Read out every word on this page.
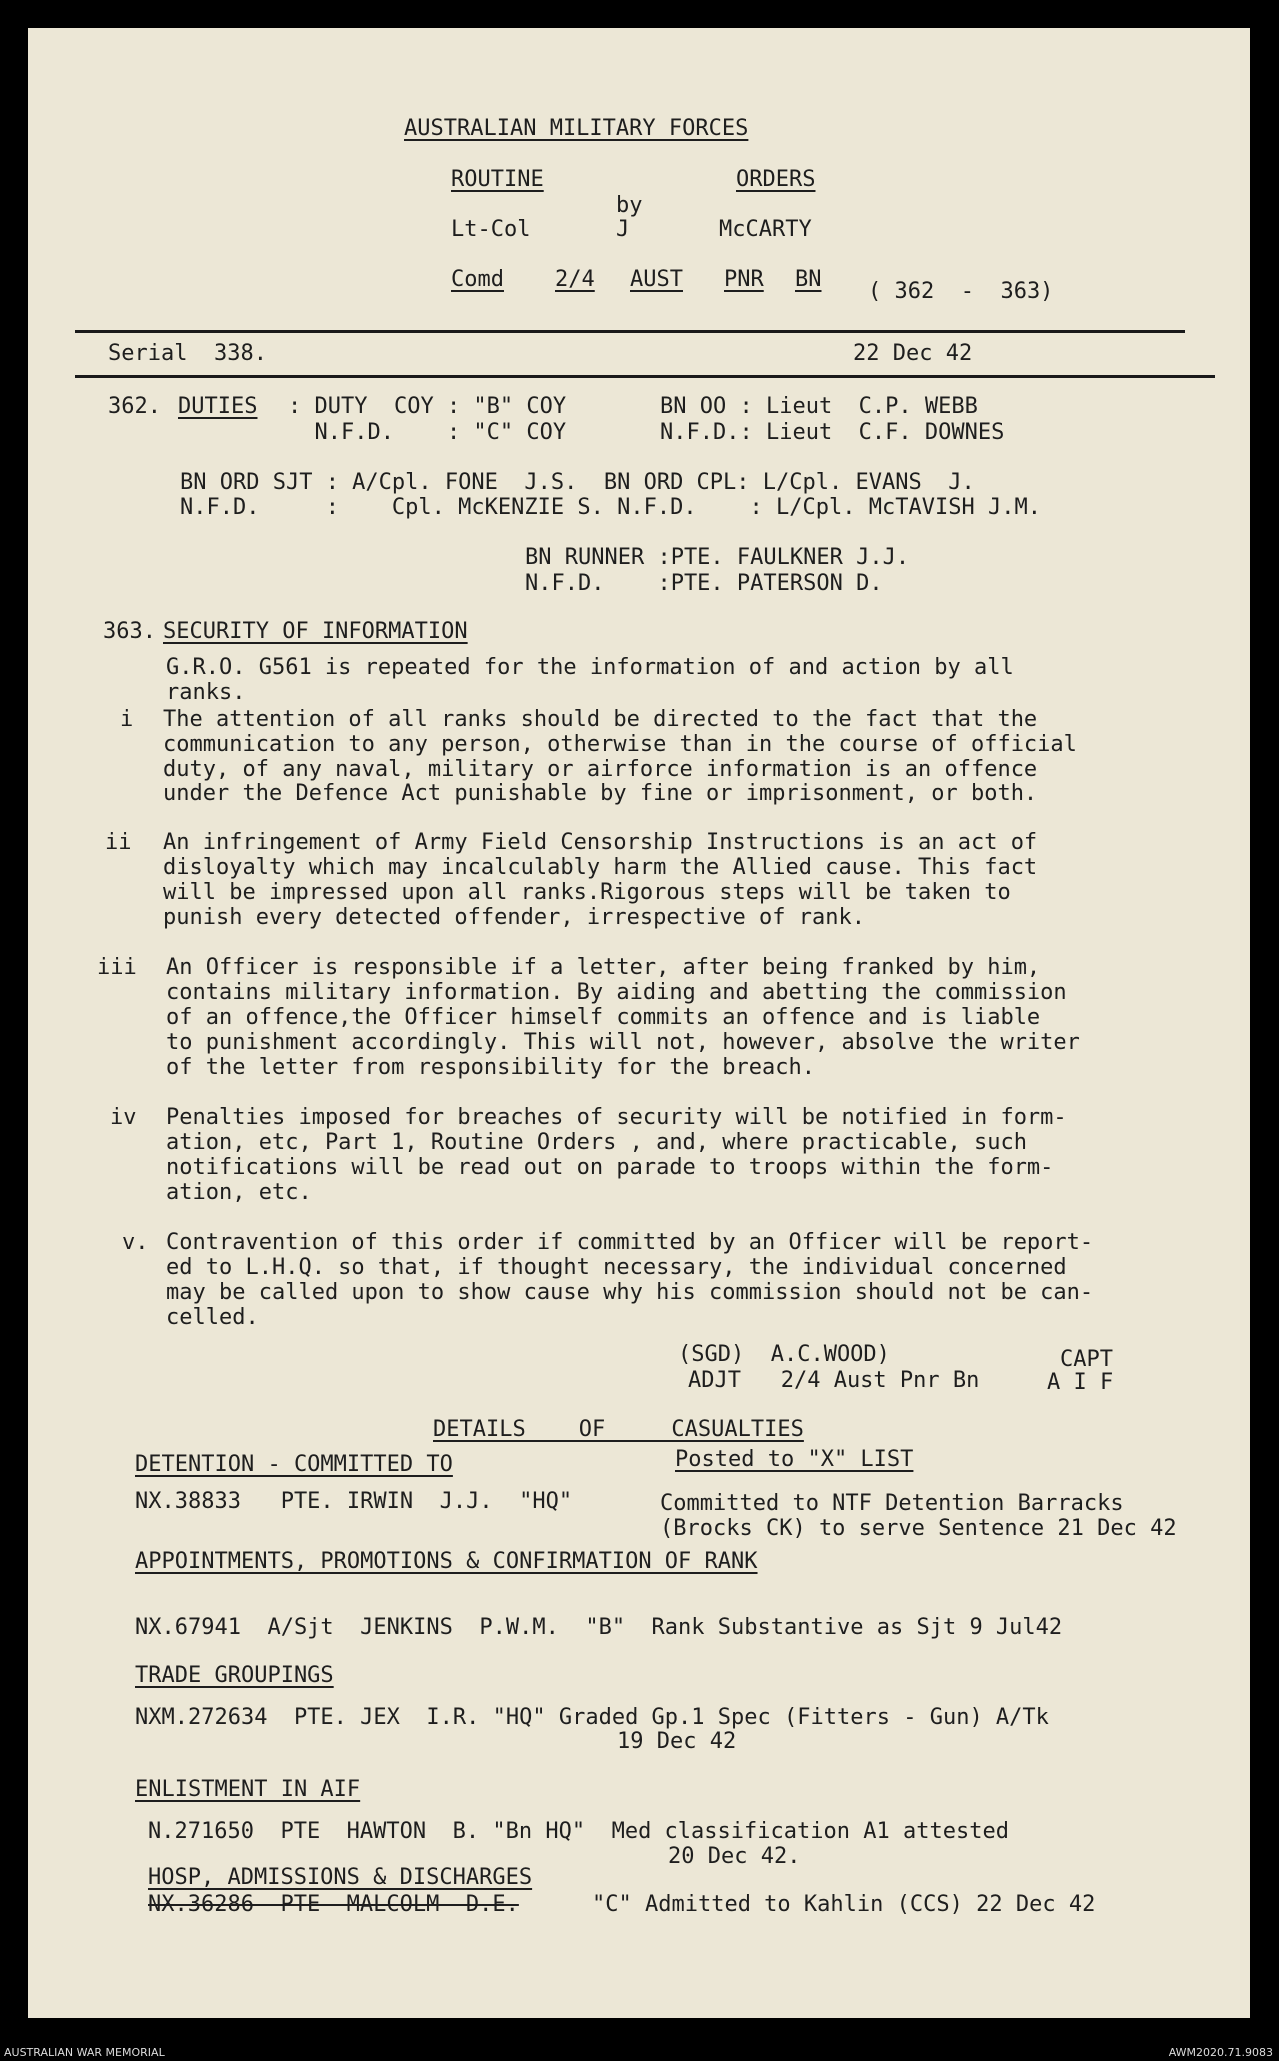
AUSTRALIAN MILITARY FORCES
ROUTINE	ORDERS
by
Lt-Col	J	McCARTY
Comd 2/4 AUST PNR BN ( 362  -  363)
Serial  338.	22 Dec 42
362. DUTIES : DUTY  COY : "B" COY	BN OO : Lieut  C.P. WEBB
N.F.D.    : "C" COY	N.F.D.: Lieut  C.F. DOWNES
BN ORD SJT : A/Cpl. FONE  J.S.  BN ORD CPL: L/Cpl. EVANS  J.
N.F.D.     :    Cpl. McKENZIE S. N.F.D.    : L/Cpl. McTAVISH J.M.
BN RUNNER :PTE. FAULKNER J.J.
N.F.D.    :PTE. PATERSON D.
363. SECURITY OF INFORMATION
G.R.O. G561 is repeated for the information of and action by all
ranks.
i The attention of all ranks should be directed to the fact that the
communication to any person, otherwise than in the course of official
duty, of any naval, military or airforce information is an offence
under the Defence Act punishable by fine or imprisonment, or both.
ii An infringement of Army Field Censorship Instructions is an act of
disloyalty which may incalculably harm the Allied cause. This fact
will be impressed upon all ranks.Rigorous steps will be taken to
punish every detected offender, irrespective of rank.
iii An Officer is responsible if a letter, after being franked by him,
contains military information. By aiding and abetting the commission
of an offence,the Officer himself commits an offence and is liable
to punishment accordingly. This will not, however, absolve the writer
of the letter from responsibility for the breach.
iv Penalties imposed for breaches of security will be notified in form-
ation, etc, Part 1, Routine Orders , and, where practicable, such
notifications will be read out on parade to troops within the form-
ation, etc.
v. Contravention of this order if committed by an Officer will be report-
ed to L.H.Q. so that, if thought necessary, the individual concerned
may be called upon to show cause why his commission should not be can-
celled.
(SGD)  A.C.WOOD)	CAPT
ADJT   2/4 Aust Pnr Bn	A I F
DETAILS    OF     CASUALTIES
DETENTION - COMMITTED TO	Posted to "X" LIST
NX.38833   PTE. IRWIN  J.J.  "HQ"	Committed to NTF Detention Barracks
(Brocks CK) to serve Sentence 21 Dec 42
APPOINTMENTS, PROMOTIONS & CONFIRMATION OF RANK
NX.67941  A/Sjt  JENKINS  P.W.M.  "B"  Rank Substantive as Sjt 9 Jul42
TRADE GROUPINGS
NXM.272634  PTE. JEX  I.R. "HQ" Graded Gp.1 Spec (Fitters - Gun) A/Tk
19 Dec 42
ENLISTMENT IN AIF
N.271650  PTE  HAWTON  B. "Bn HQ"  Med classification A1 attested
20 Dec 42.
HOSP, ADMISSIONS & DISCHARGES
NX.36286  PTE  MALCOLM  D.E.	"C" Admitted to Kahlin (CCS) 22 Dec 42
AUSTRALIAN WAR MEMORIAL	AWM2020.71.9083
